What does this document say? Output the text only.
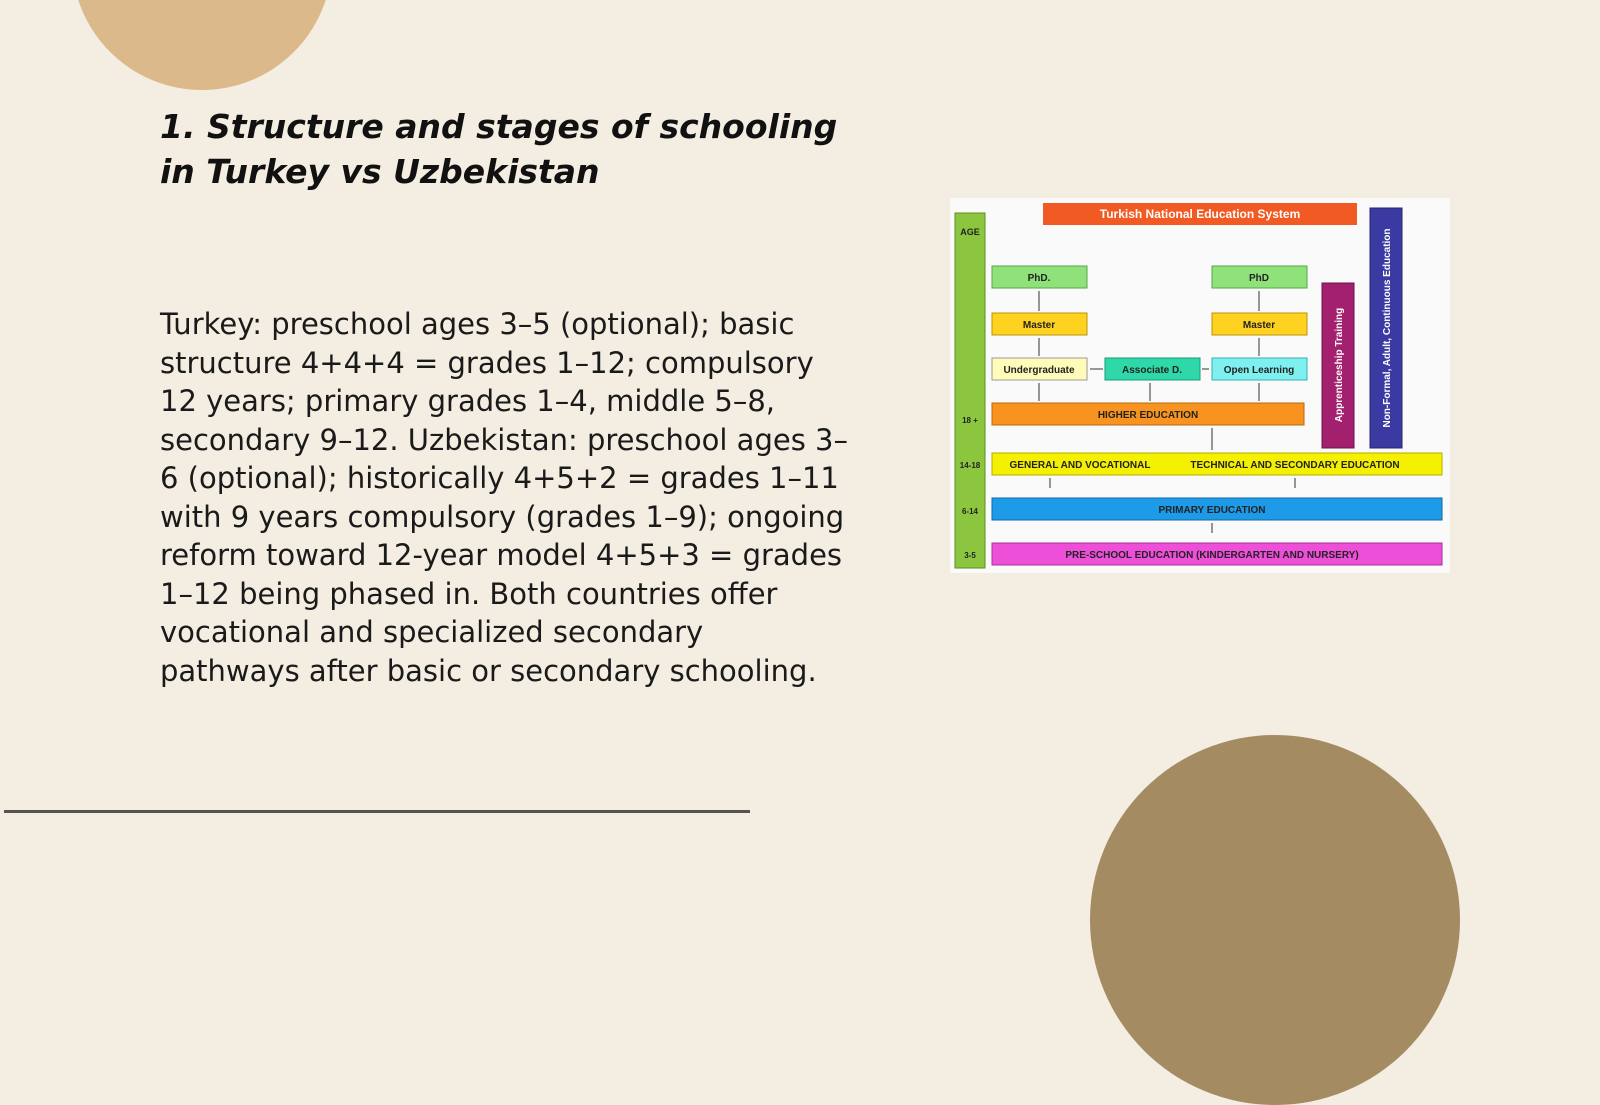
1. Structure and stages of schooling in Turkey vs Uzbekistan
Turkey: preschool ages 3–5 (optional); basic structure 4+4+4 = grades 1–12; compulsory 12 years; primary grades 1–4, middle 5–8, secondary 9–12. Uzbekistan: preschool ages 3–6 (optional); historically 4+5+2 = grades 1–11 with 9 years compulsory (grades 1–9); ongoing reform toward 12-year model 4+5+3 = grades 1–12 being phased in. Both countries offer vocational and specialized secondary pathways after basic or secondary schooling.
Turkish National Education System
AGE
18 +
14-18
6-14
3-5
Apprenticeship Training	Non-Formal, Adult, Continuous Education
PRE-SCHOOL EDUCATION (KINDERGARTEN AND NURSERY)
PRIMARY EDUCATION
GENERAL AND VOCATIONAL	TECHNICAL AND SECONDARY EDUCATION
HIGHER EDUCATION
Undergraduate
Master
PhD.
Associate D.	Open Learning
Master
PhD
